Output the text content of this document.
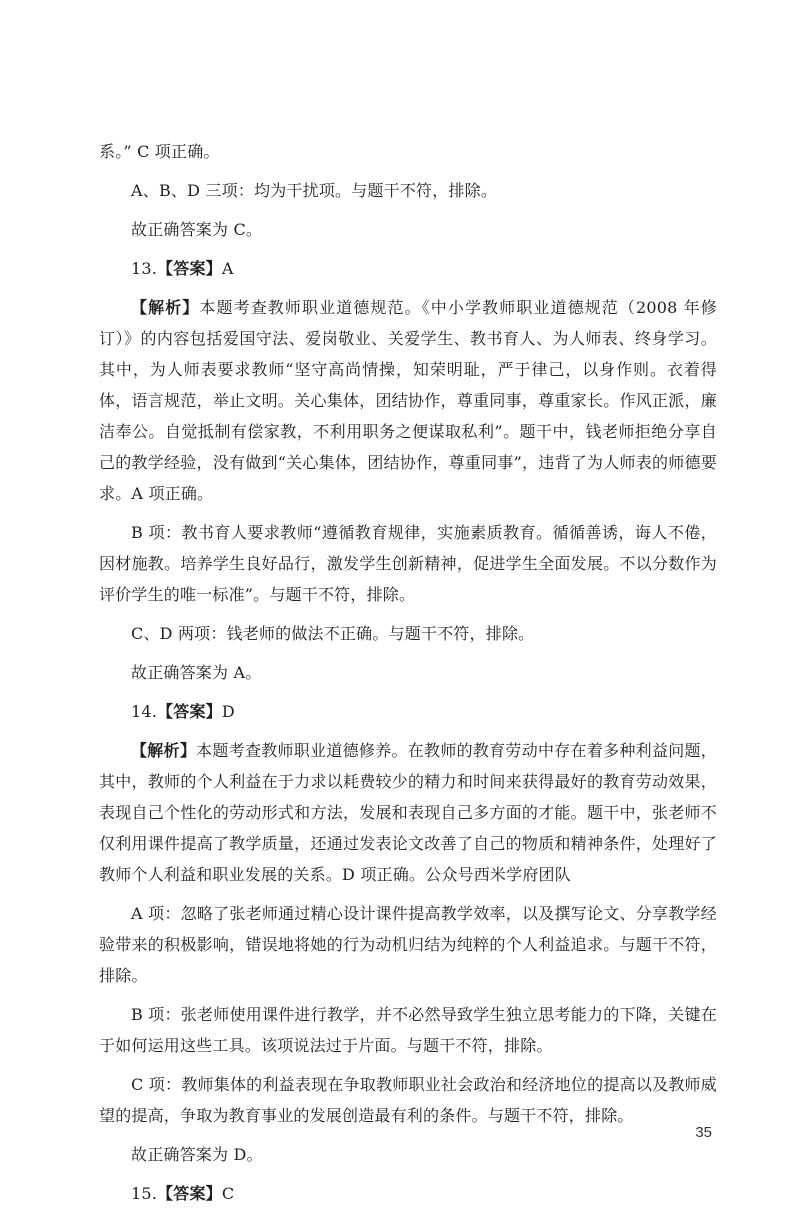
系。” C 项正确。

A、B、D 三项：均为干扰项。与题干不符，排除。

故正确答案为 C。

13.【答案】A

【解析】本题考查教师职业道德规范。《中小学教师职业道德规范（2008 年修订）》的内容包括爱国守法、爱岗敬业、关爱学生、教书育人、为人师表、终身学习。其中，为人师表要求教师“坚守高尚情操，知荣明耻，严于律己，以身作则。衣着得体，语言规范，举止文明。关心集体，团结协作，尊重同事，尊重家长。作风正派，廉洁奉公。自觉抵制有偿家教，不利用职务之便谋取私利”。题干中，钱老师拒绝分享自己的教学经验，没有做到“关心集体，团结协作，尊重同事”，违背了为人师表的师德要求。A 项正确。

B 项：教书育人要求教师“遵循教育规律，实施素质教育。循循善诱，诲人不倦，因材施教。培养学生良好品行，激发学生创新精神，促进学生全面发展。不以分数作为评价学生的唯一标准”。与题干不符，排除。

C、D 两项：钱老师的做法不正确。与题干不符，排除。

故正确答案为 A。

14.【答案】D

【解析】本题考查教师职业道德修养。在教师的教育劳动中存在着多种利益问题，其中，教师的个人利益在于力求以耗费较少的精力和时间来获得最好的教育劳动效果，表现自己个性化的劳动形式和方法，发展和表现自己多方面的才能。题干中，张老师不仅利用课件提高了教学质量，还通过发表论文改善了自己的物质和精神条件，处理好了教师个人利益和职业发展的关系。D 项正确。公众号西米学府团队

A 项：忽略了张老师通过精心设计课件提高教学效率，以及撰写论文、分享教学经验带来的积极影响，错误地将她的行为动机归结为纯粹的个人利益追求。与题干不符，排除。

B 项：张老师使用课件进行教学，并不必然导致学生独立思考能力的下降，关键在于如何运用这些工具。该项说法过于片面。与题干不符，排除。

C 项：教师集体的利益表现在争取教师职业社会政治和经济地位的提高以及教师威望的提高，争取为教育事业的发展创造最有利的条件。与题干不符，排除。

故正确答案为 D。

15.【答案】C

35
